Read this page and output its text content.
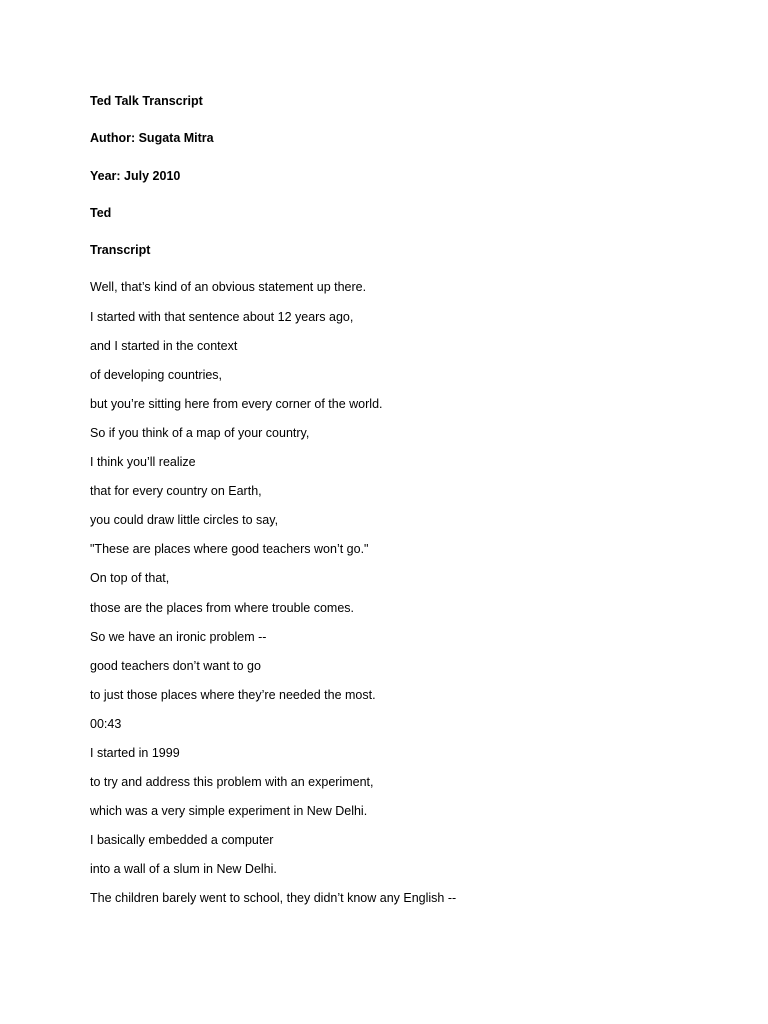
Ted Talk Transcript
Author: Sugata Mitra
Year: July 2010
Ted
Transcript
Well, that’s kind of an obvious statement up there.
I started with that sentence about 12 years ago,
and I started in the context
of developing countries,
but you’re sitting here from every corner of the world.
So if you think of a map of your country,
I think you’ll realize
that for every country on Earth,
you could draw little circles to say,
"These are places where good teachers won’t go."
On top of that,
those are the places from where trouble comes.
So we have an ironic problem --
good teachers don’t want to go
to just those places where they’re needed the most.
00:43
I started in 1999
to try and address this problem with an experiment,
which was a very simple experiment in New Delhi.
I basically embedded a computer
into a wall of a slum in New Delhi.
The children barely went to school, they didn’t know any English --
